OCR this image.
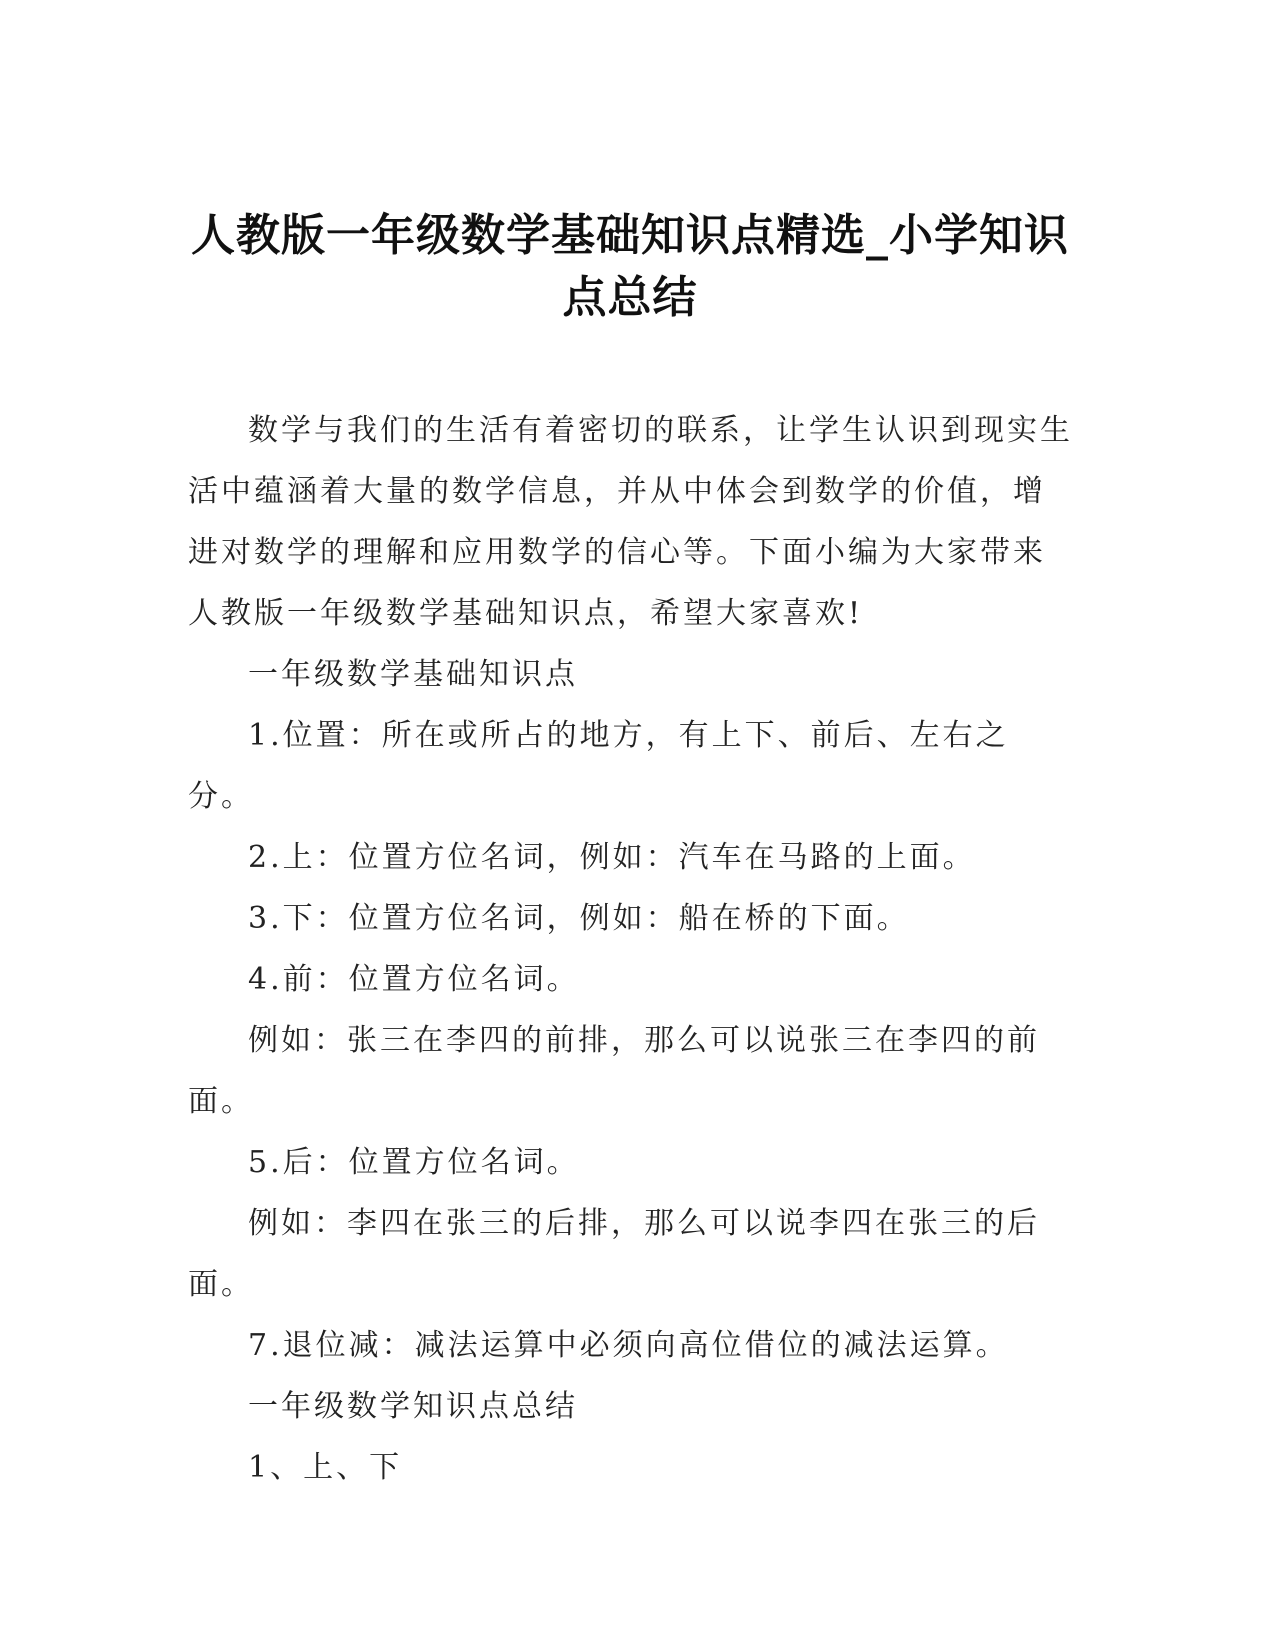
人教版一年级数学基础知识点精选_小学知识
点总结

数学与我们的生活有着密切的联系，让学生认识到现实生活中蕴涵着大量的数学信息，并从中体会到数学的价值，增进对数学的理解和应用数学的信心等。下面小编为大家带来人教版一年级数学基础知识点，希望大家喜欢!

一年级数学基础知识点

1.位置：所在或所占的地方，有上下、前后、左右之分。

2.上：位置方位名词，例如：汽车在马路的上面。

3.下：位置方位名词，例如：船在桥的下面。

4.前：位置方位名词。

例如：张三在李四的前排，那么可以说张三在李四的前面。

5.后：位置方位名词。

例如：李四在张三的后排，那么可以说李四在张三的后面。

7.退位减：减法运算中必须向高位借位的减法运算。

一年级数学知识点总结

1、上、下
